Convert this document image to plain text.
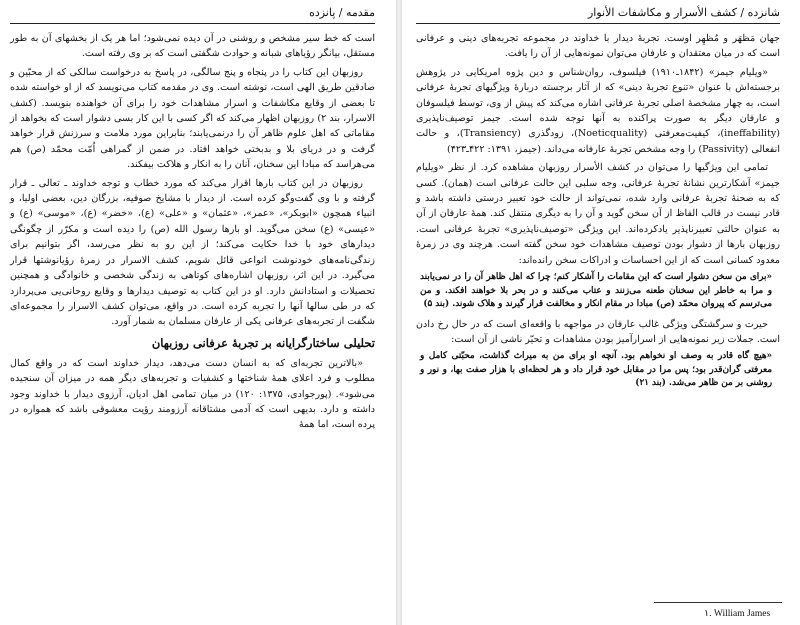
مقدمه / پانزده

است که خط سیر مشخص و روشنی در آن دیده نمی‌شود؛ اما هر یک از بخشهای آن به طور مستقل، بیانگر رؤیاهای شبانه و حوادث شگفتی است که بر وی رفته است.

روزبهان این کتاب را در پنجاه و پنج سالگی، در پاسخ به درخواست سالکی که از محبّین و صادقین طریق الهی است، نوشته است. وی در مقدمه کتاب می‌نویسد که از او خواسته شده تا بعضی از وقایع مکاشفات و اسرار مشاهدات خود را برای آن خواهنده بنویسد. (کشف الاسرار، بند ۲) روزبهان اظهار می‌کند که اگر کسی با این کار بسی دشوار است که بخواهد از مقاماتی که اهل علوم ظاهر آن را درنمی‌یابند؛ بنابراین مورد ملامت و سرزنش قرار خواهد گرفت و در دریای بلا و بدبختی خواهد افتاد. در ضمن از گمراهی اُمّت محمّد (ص) هم می‌هراسد که مبادا این سخنان، آنان را به انکار و هلاکت بیفکند.

روزبهان در این کتاب بارها اقرار می‌کند که مورد خطاب و توجه خداوند ـ تعالی ـ قرار گرفته و با وی گفت‌وگو کرده است. از دیدار با مشایخ صوفیه، بزرگان دین، بعضی اولیا، و انبیاء همچون «ابوبکر»، «عمر»، «عثمان» و «علی» (ع)، «خضر» (ع)، «موسی» (ع) و «عیسی» (ع) سخن می‌گوید. او بارها رسول الله (ص) را دیده است و مکرّر از چگونگی دیدارهای خود با خدا حکایت می‌کند؛ از این رو به نظر می‌رسد، اگر بتوانیم برای زندگی‌نامه‌های خودنوشت انواعی قائل شویم، کشف الاسرار در زمرهٔ رؤیانوشتها قرار می‌گیرد. در این اثر، روزبهان اشاره‌های کوتاهی به زندگی شخصی و خانوادگی و همچنین تحصیلات و استادانش دارد. او در این کتاب به توصیف دیدارها و وقایع روحانی‌یی می‌پردازد که در طی سالها آنها را تجربه کرده است. در واقع، می‌توان کشف الاسرار را مجموعه‌ای شگفت از تجربه‌های عرفانی یکی از عارفان مسلمان به شمار آورد.

تحلیلی ساختارگرایانه بر تجربهٔ عرفانی روزبهان

«بالاترین تجربه‌ای که به انسان دست می‌دهد، دیدار خداوند است که در واقع کمال مطلوب و فرد اعلای همهٔ شناختها و کشفیات و تجربه‌های دیگر همه در میزان آن سنجیده می‌شود». (پورجوادی، ۱۳۷۵: ۱۲۰) در میان تمامی اهل ادیان، آرزوی دیدار با خداوند وجود داشته و دارد. بدیهی است که آدمی مشتاقانه آرزومند رؤیت معشوقی باشد که همواره در پرده است، اما همهٔ

شانزده / کشف الأسرار و مکاشفات الأنوار

جهان مَظهَر و مُظهِر اوست. تجربهٔ دیدار با خداوند در مجموعه تجربه‌های دینی و عرفانی است که در میان معتقدان و عارفان می‌توان نمونه‌هایی از آن را یافت.

«ویلیام جیمز» (۱۸۴۲ـ۱۹۱۰) فیلسوف، روان‌شناس و دین پژوه امریکایی در پژوهش برجسته‌اش با عنوان «تنوع تجربهٔ دینی» که از آثار برجسته دربارهٔ ویژگیهای تجربهٔ عرفانی است، به چهار مشخصهٔ اصلی تجربهٔ عرفانی اشاره می‌کند که پیش از وی، توسط فیلسوفان و عارفان دیگر به صورت پراکنده به آنها توجه شده است. جیمز توصیف‌ناپذیری (ineffability)، کیفیت‌معرفتی (Noeticquality)، زودگذری (Transiency)، و حالت انفعالی (Passivity) را وجه مشخص تجربهٔ عارفانه می‌داند. (جیمز، ۱۳۹۱: ۴۲۲ـ۴۲۳)

تمامی این ویژگیها را می‌توان در کشف الأسرار روزبهان مشاهده کرد. از نظر «ویلیام جیمز» آشکارترین نشانهٔ تجربهٔ عرفانی، وجه سلبی این حالت عرفانی است (همان). کسی که به صحنهٔ تجربهٔ عرفانی وارد شده، نمی‌تواند از حالت خود تعبیر درستی داشته باشد و قادر نیست در قالب الفاظ از آن سخن گوید و آن را به دیگری منتقل کند. همهٔ عارفان از آن به عنوان حالتی تعبیرناپذیر یادکرده‌اند. این ویژگی «توصیف‌ناپذیری» تجربهٔ عرفانی است. روزبهان بارها از دشوار بودن توصیف مشاهدات خود سخن گفته است. هرچند وی در زمرهٔ معدود کسانی است که از این احساسات و ادراکات سخن رانده‌اند:

«برای من سخن دشوار است که این مقامات را آشکار کنم؛ چرا که اهل ظاهر آن را در نمی‌یابند و مرا به خاطر این سخنان طعنه می‌زنند و عتاب می‌کنند و در بحر بلا خواهند افکند. و من می‌ترسم که پیروان محمّد (ص) مبادا در مقام انکار و مخالفت قرار گیرند و هلاک شوند. (بند ۵)

حیرت و سرگشتگی ویژگی غالب عارفان در مواجهه با واقعه‌ای است که در حال رخ دادن است. جملات زیر نمونه‌هایی از اسرارآمیز بودن مشاهدات و تحیّر ناشی از آن است:

«هیچ گاه قادر به وصف او نخواهم بود. آنچه او برای من به میراث گذاشت، محبّتی کامل و معرفتی گران‌قدر بود؛ پس مرا در مقابل خود قرار داد و هر لحظه‌ای با هزار صفت بها، و نور و روشنی بر من ظاهر می‌شد. (بند ۲۱)

۱. William James
